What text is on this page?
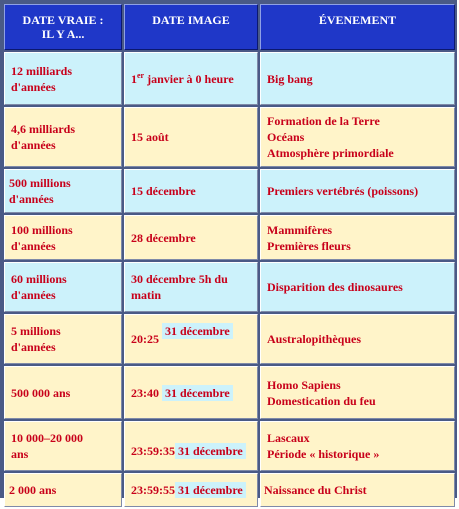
DATE VRAIE :
IL Y A...	DATE IMAGE	ÉVENEMENT

12 milliards
d'années	1er janvier à 0 heure	Big bang

4,6 milliards
d'années	15 août	Formation de la Terre
Océans
Atmosphère primordiale

500 millions
d'années	15 décembre	Premiers vertébrés (poissons)

100 millions
d'années	28 décembre	Mammifères
Premières fleurs

60 millions
d'années	30 décembre 5h du
matin	Disparition des dinosaures

5 millions
d'années	20:25 31 décembre	Australopithèques

500 000 ans	23:40 31 décembre	Homo Sapiens
Domestication du feu

10 000–20 000
ans	23:59:35 31 décembre	Lascaux
Période « historique »

2 000 ans	23:59:55 31 décembre	Naissance du Christ
